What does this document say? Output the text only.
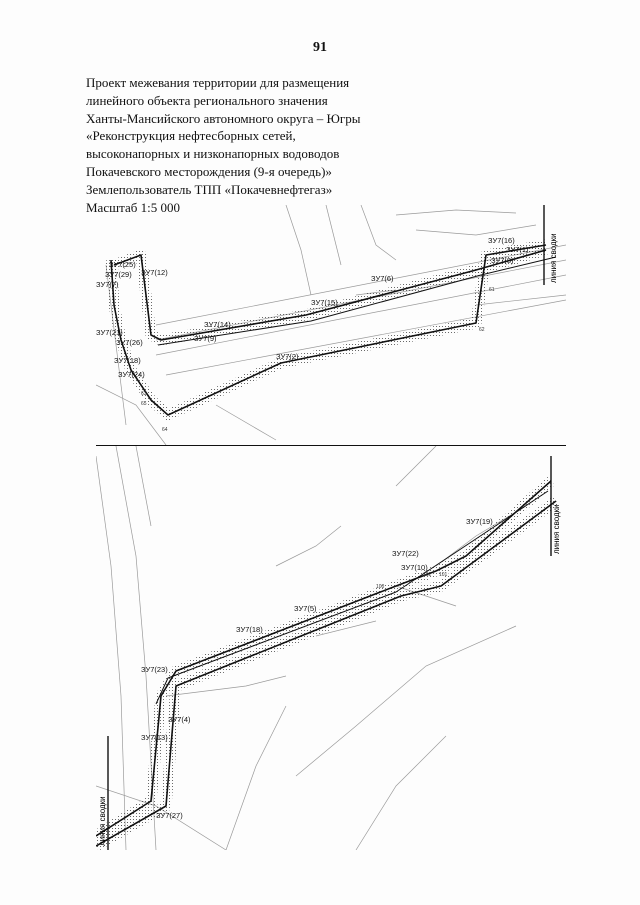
91
Проект межевания территории для размещения
линейного объекта регионального значения
Ханты-Мансийского автономного округа – Югры
«Реконструкция нефтесборных сетей,
высоконапорных и низконапорных водоводов
Покачевского месторождения (9-я очередь)»
Землепользователь ТПП «Покачевнефтегаз»
Масштаб 1:5 000
линия сводки
ЗУ7(25)
ЗУ7(29)
ЗУ7(7)
ЗУ7(12)
ЗУ7(21)
ЗУ7(26)
ЗУ7(18)
ЗУ7(24)
ЗУ7(14)
ЗУ7(9)
ЗУ7(15)
ЗУ7(6)
ЗУ7(8)
ЗУ7(1)
ЗУ7(16)
ЗУ7(2)
64
62
61
63
65
линия сводки
линия сводки
ЗУ7(19)
ЗУ7(22)
ЗУ7(10)
ЗУ7(5)
ЗУ7(18)
ЗУ7(23)
ЗУ7(4)
ЗУ7(13)
ЗУ7(27)
102 101
100
